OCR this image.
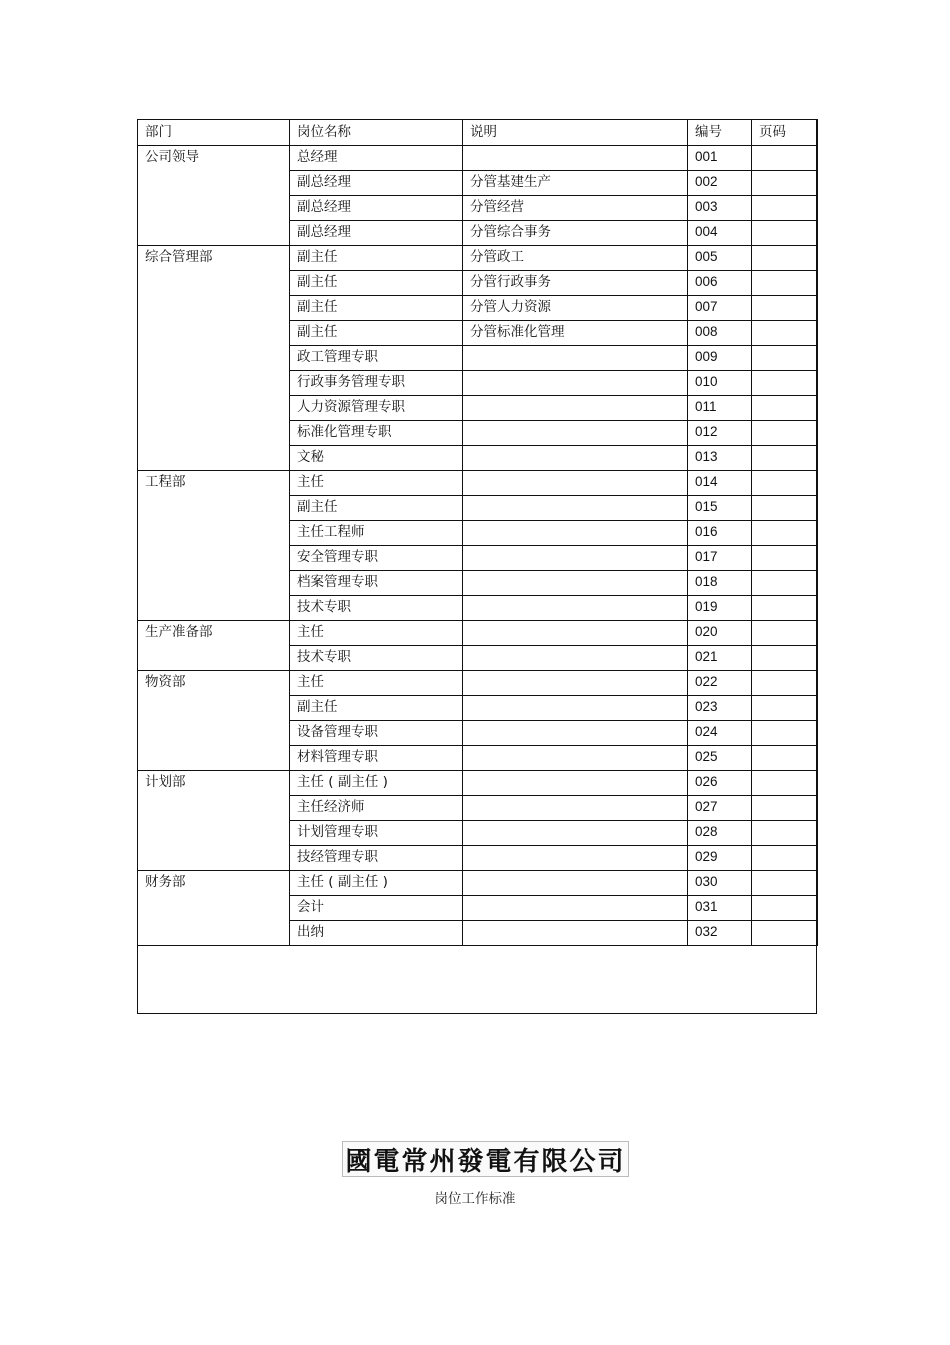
部门	岗位名称	说明	编号	页码
公司领导	总经理		001	
	副总经理	分管基建生产	002	
	副总经理	分管经营	003	
	副总经理	分管综合事务	004	
综合管理部	副主任	分管政工	005	
	副主任	分管行政事务	006	
	副主任	分管人力资源	007	
	副主任	分管标准化管理	008	
	政工管理专职		009	
	行政事务管理专职		010	
	人力资源管理专职		011	
	标准化管理专职		012	
	文秘		013	
工程部	主任		014	
	副主任		015	
	主任工程师		016	
	安全管理专职		017	
	档案管理专职		018	
	技术专职		019	
生产准备部	主任		020	
	技术专职		021	
物资部	主任		022	
	副主任		023	
	设备管理专职		024	
	材料管理专职		025	
计划部	主任 ( 副主任 )		026	
	主任经济师		027	
	计划管理专职		028	
	技经管理专职		029	
财务部	主任 ( 副主任 )		030	
	会计		031	
	出纳		032	
國電常州發電有限公司
岗位工作标准
